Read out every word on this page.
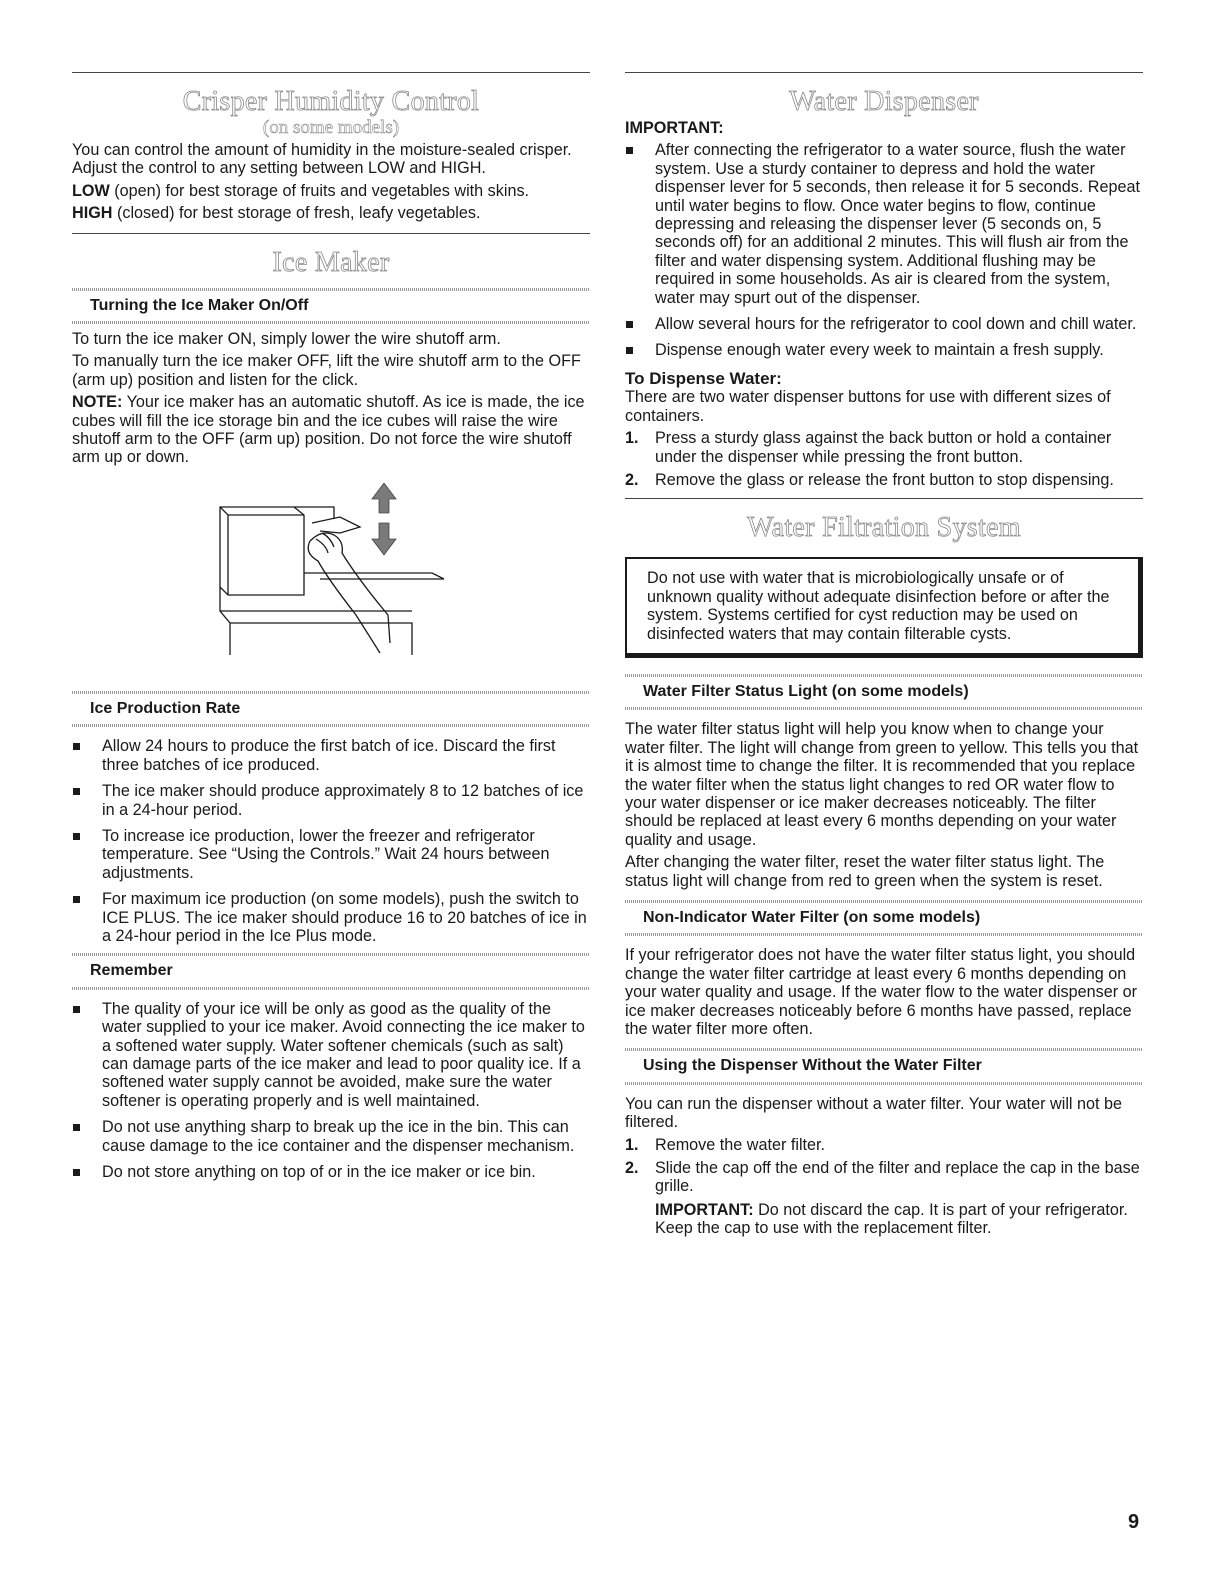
Crisper Humidity Control
(on some models)

You can control the amount of humidity in the moisture-sealed crisper. Adjust the control to any setting between LOW and HIGH.

LOW (open) for best storage of fruits and vegetables with skins.

HIGH (closed) for best storage of fresh, leafy vegetables.

Ice Maker
Turning the Ice Maker On/Off

To turn the ice maker ON, simply lower the wire shutoff arm.

To manually turn the ice maker OFF, lift the wire shutoff arm to the OFF (arm up) position and listen for the click.

NOTE: Your ice maker has an automatic shutoff. As ice is made, the ice cubes will fill the ice storage bin and the ice cubes will raise the wire shutoff arm to the OFF (arm up) position. Do not force the wire shutoff arm up or down.

Ice Production Rate
Allow 24 hours to produce the first batch of ice. Discard the first three batches of ice produced.
The ice maker should produce approximately 8 to 12 batches of ice in a 24-hour period.
To increase ice production, lower the freezer and refrigerator temperature. See “Using the Controls.” Wait 24 hours between adjustments.
For maximum ice production (on some models), push the switch to ICE PLUS. The ice maker should produce 16 to 20 batches of ice in a 24-hour period in the Ice Plus mode.
Remember
The quality of your ice will be only as good as the quality of the water supplied to your ice maker. Avoid connecting the ice maker to a softened water supply. Water softener chemicals (such as salt) can damage parts of the ice maker and lead to poor quality ice. If a softened water supply cannot be avoided, make sure the water softener is operating properly and is well maintained.
Do not use anything sharp to break up the ice in the bin. This can cause damage to the ice container and the dispenser mechanism.
Do not store anything on top of or in the ice maker or ice bin.
Water Dispenser

IMPORTANT:

After connecting the refrigerator to a water source, flush the water system. Use a sturdy container to depress and hold the water dispenser lever for 5 seconds, then release it for 5 seconds. Repeat until water begins to flow. Once water begins to flow, continue depressing and releasing the dispenser lever (5 seconds on, 5 seconds off) for an additional 2 minutes. This will flush air from the filter and water dispensing system. Additional flushing may be required in some households. As air is cleared from the system, water may spurt out of the dispenser.
Allow several hours for the refrigerator to cool down and chill water.
Dispense enough water every week to maintain a fresh supply.
To Dispense Water:

There are two water dispenser buttons for use with different sizes of containers.

1. Press a sturdy glass against the back button or hold a container under the dispenser while pressing the front button.
2. Remove the glass or release the front button to stop dispensing.
Water Filtration System

Do not use with water that is microbiologically unsafe or of unknown quality without adequate disinfection before or after the system. Systems certified for cyst reduction may be used on disinfected waters that may contain filterable cysts.

Water Filter Status Light (on some models)

The water filter status light will help you know when to change your water filter. The light will change from green to yellow. This tells you that it is almost time to change the filter. It is recommended that you replace the water filter when the status light changes to red OR water flow to your water dispenser or ice maker decreases noticeably. The filter should be replaced at least every 6 months depending on your water quality and usage.

After changing the water filter, reset the water filter status light. The status light will change from red to green when the system is reset.

Non-Indicator Water Filter (on some models)

If your refrigerator does not have the water filter status light, you should change the water filter cartridge at least every 6 months depending on your water quality and usage. If the water flow to the water dispenser or ice maker decreases noticeably before 6 months have passed, replace the water filter more often.

Using the Dispenser Without the Water Filter

You can run the dispenser without a water filter. Your water will not be filtered.

1. Remove the water filter.
2. Slide the cap off the end of the filter and replace the cap in the base grille.

IMPORTANT: Do not discard the cap. It is part of your refrigerator. Keep the cap to use with the replacement filter.

9
